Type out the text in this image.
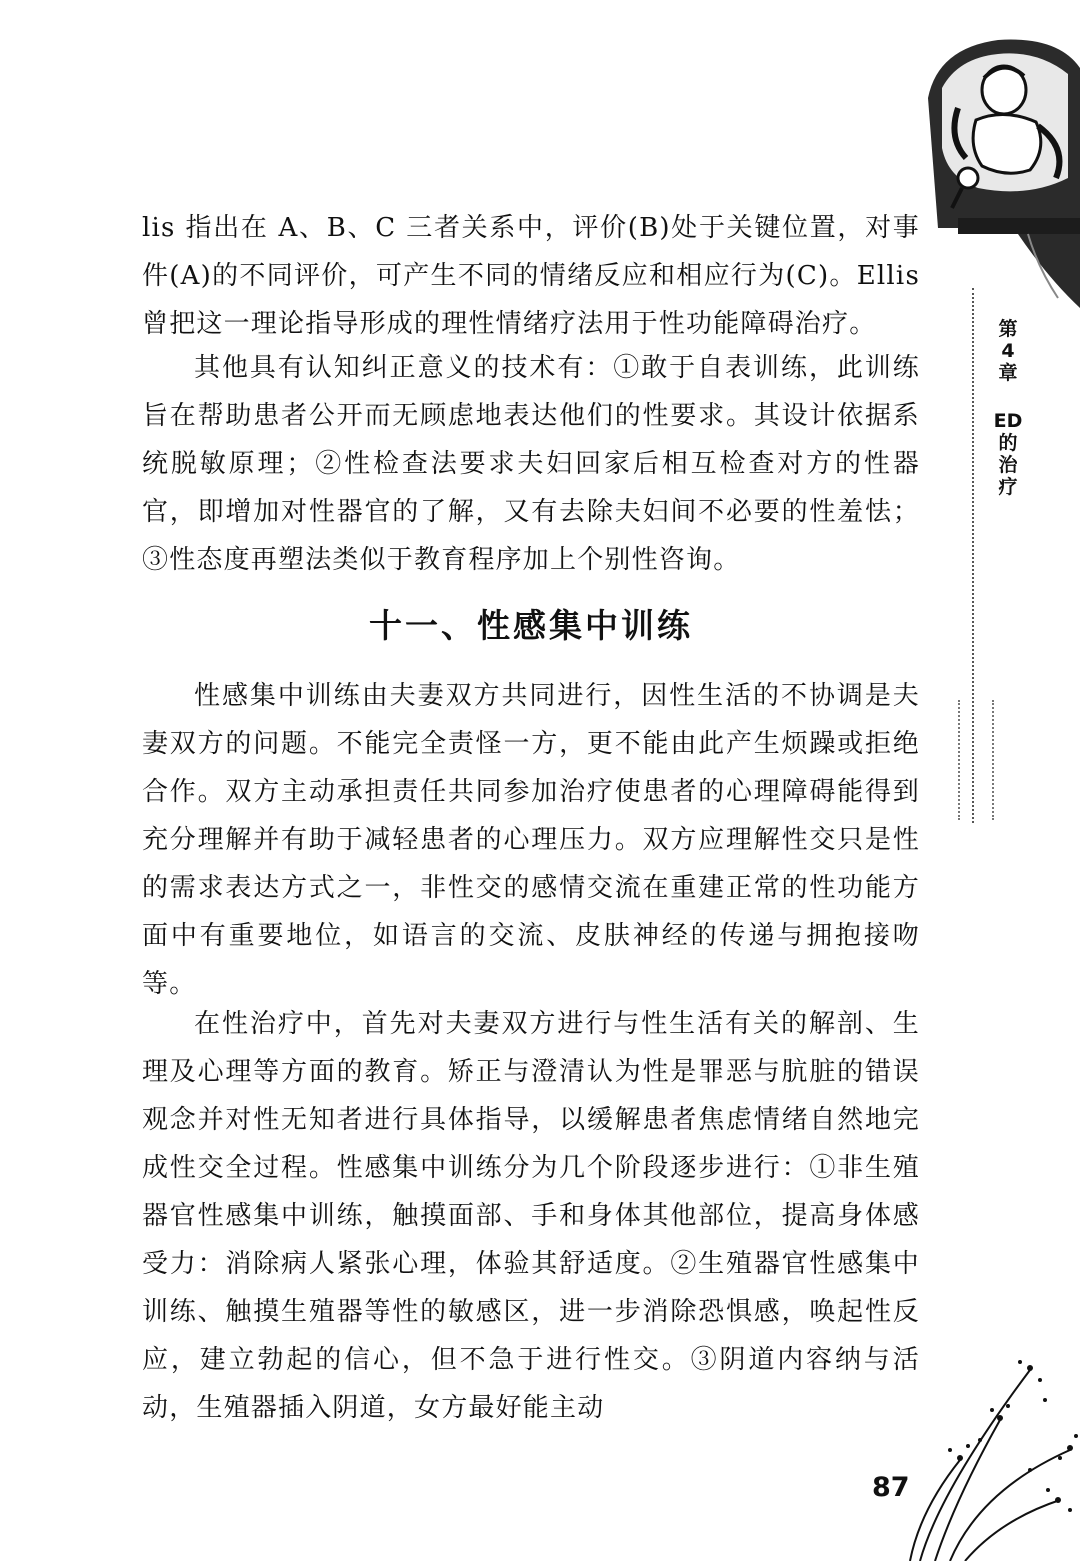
第
4
章
ED
的
治
疗

lis 指出在 A、B、C 三者关系中，评价(B)处于关键位置，对事件(A)的不同评价，可产生不同的情绪反应和相应行为(C)。Ellis 曾把这一理论指导形成的理性情绪疗法用于性功能障碍治疗。

其他具有认知纠正意义的技术有：①敢于自表训练，此训练旨在帮助患者公开而无顾虑地表达他们的性要求。其设计依据系统脱敏原理；②性检查法要求夫妇回家后相互检查对方的性器官，即增加对性器官的了解，又有去除夫妇间不必要的性羞怯；③性态度再塑法类似于教育程序加上个别性咨询。

十一、性感集中训练

性感集中训练由夫妻双方共同进行，因性生活的不协调是夫妻双方的问题。不能完全责怪一方，更不能由此产生烦躁或拒绝合作。双方主动承担责任共同参加治疗使患者的心理障碍能得到充分理解并有助于减轻患者的心理压力。双方应理解性交只是性的需求表达方式之一，非性交的感情交流在重建正常的性功能方面中有重要地位，如语言的交流、皮肤神经的传递与拥抱接吻等。

在性治疗中，首先对夫妻双方进行与性生活有关的解剖、生理及心理等方面的教育。矫正与澄清认为性是罪恶与肮脏的错误观念并对性无知者进行具体指导，以缓解患者焦虑情绪自然地完成性交全过程。性感集中训练分为几个阶段逐步进行：①非生殖器官性感集中训练，触摸面部、手和身体其他部位，提高身体感受力：消除病人紧张心理，体验其舒适度。②生殖器官性感集中训练、触摸生殖器等性的敏感区，进一步消除恐惧感，唤起性反应，建立勃起的信心，但不急于进行性交。③阴道内容纳与活动，生殖器插入阴道，女方最好能主动

87
